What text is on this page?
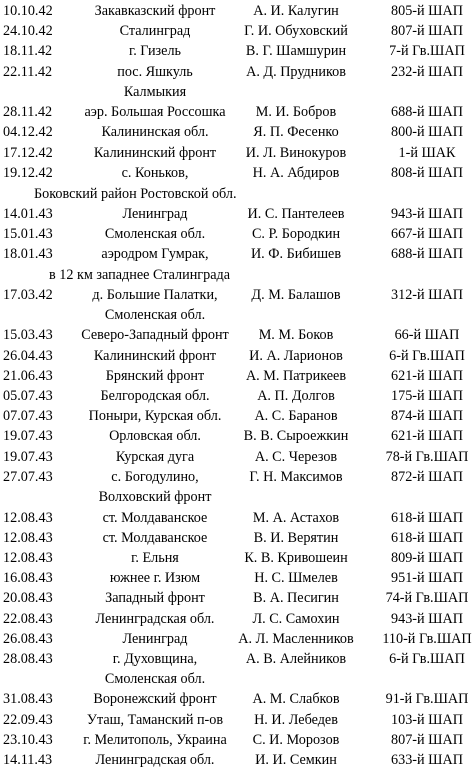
10.10.42	Закавказский фронт	А. И. Калугин	805-й ШАП
24.10.42	Сталинград	Г. И. Обуховский	807-й ШАП
18.11.42	г. Гизель	В. Г. Шамшурин	7-й Гв.ШАП
22.11.42	пос. Яшкуль	А. Д. Прудников	232-й ШАП
Калмыкия
28.11.42	аэр. Большая Россошка	М. И. Бобров	688-й ШАП
04.12.42	Калининская обл.	Я. П. Фесенко	800-й ШАП
17.12.42	Калининский фронт	И. Л. Винокуров	1-й ШАК
19.12.42	с. Коньков,	Н. А. Абдиров	808-й ШАП
Боковский район Ростовской обл.
14.01.43	Ленинград	И. С. Пантелеев	943-й ШАП
15.01.43	Смоленская обл.	С. Р. Бородкин	667-й ШАП
18.01.43	аэродром Гумрак,	И. Ф. Бибишев	688-й ШАП
в 12 км западнее Сталинграда
17.03.42	д. Большие Палатки,	Д. М. Балашов	312-й ШАП
Смоленская обл.
15.03.43	Северо-Западный фронт	М. М. Боков	66-й ШАП
26.04.43	Калининский фронт	И. А. Ларионов	6-й Гв.ШАП
21.06.43	Брянский фронт	А. М. Патрикеев	621-й ШАП
05.07.43	Белгородская обл.	А. П. Долгов	175-й ШАП
07.07.43	Поныри, Курская обл.	А. С. Баранов	874-й ШАП
19.07.43	Орловская обл.	В. В. Сыроежкин	621-й ШАП
19.07.43	Курская дуга	А. С. Черезов	78-й Гв.ШАП
27.07.43	с. Богодулино,	Г. Н. Максимов	872-й ШАП
Волховский фронт
12.08.43	ст. Молдаванское	М. А. Астахов	618-й ШАП
12.08.43	ст. Молдаванское	В. И. Верятин	618-й ШАП
12.08.43	г. Ельня	К. В. Кривошеин	809-й ШАП
16.08.43	южнее г. Изюм	Н. С. Шмелев	951-й ШАП
20.08.43	Западный фронт	В. А. Песигин	74-й Гв.ШАП
22.08.43	Ленинградская обл.	Л. С. Самохин	943-й ШАП
26.08.43	Ленинград	А. Л. Масленников 110-й Гв.ШАП
28.08.43	г. Духовщина,	А. В. Алейников	6-й Гв.ШАП
Смоленская обл.
31.08.43	Воронежский фронт	А. М. Слабков	91-й Гв.ШАП
22.09.43	Уташ, Таманский п-ов	Н. И. Лебедев	103-й ШАП
23.10.43	г. Мелитополь, Украина	С. И. Морозов	807-й ШАП
14.11.43	Ленинградская обл.	И. И. Семкин	633-й ШАП
